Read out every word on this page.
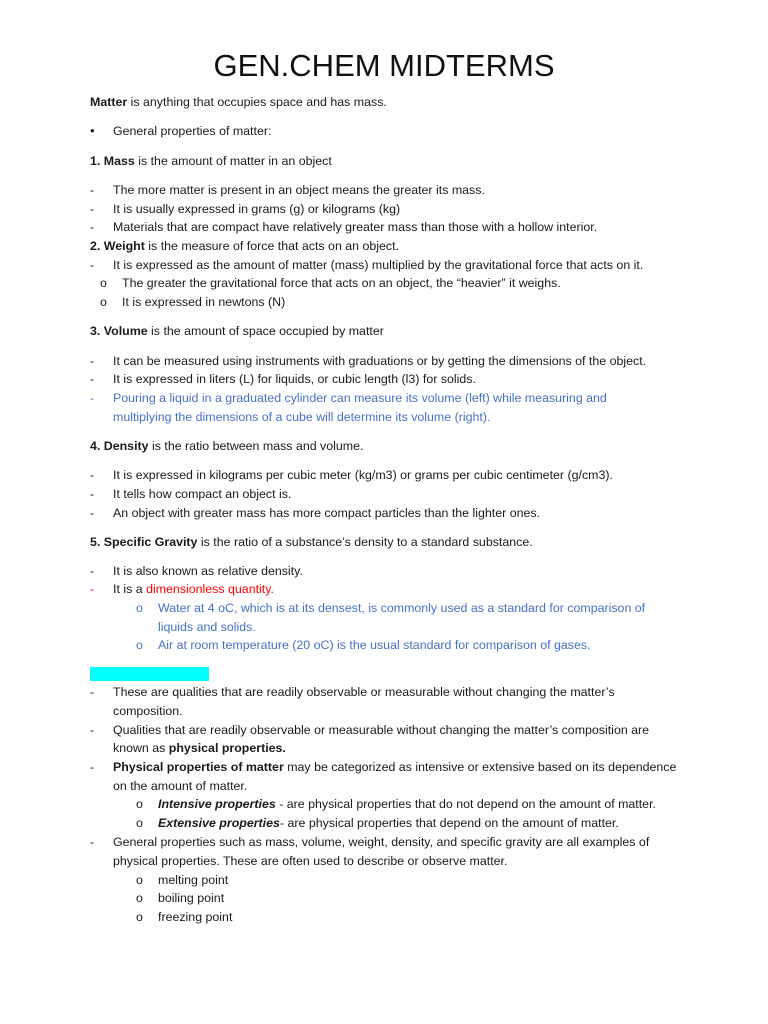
GEN.CHEM MIDTERMS
Matter is anything that occupies space and has mass.
• General properties of matter:
1. Mass is the amount of matter in an object
- The more matter is present in an object means the greater its mass.
- It is usually expressed in grams (g) or kilograms (kg)
- Materials that are compact have relatively greater mass than those with a hollow interior.
2. Weight is the measure of force that acts on an object.
- It is expressed as the amount of matter (mass) multiplied by the gravitational force that acts on it.
o The greater the gravitational force that acts on an object, the “heavier” it weighs.
o It is expressed in newtons (N)
3. Volume is the amount of space occupied by matter
- It can be measured using instruments with graduations or by getting the dimensions of the object.
- It is expressed in liters (L) for liquids, or cubic length (l3) for solids.
- Pouring a liquid in a graduated cylinder can measure its volume (left) while measuring and
multiplying the dimensions of a cube will determine its volume (right).
4. Density is the ratio between mass and volume.
- It is expressed in kilograms per cubic meter (kg/m3) or grams per cubic centimeter (g/cm3).
- It tells how compact an object is.
- An object with greater mass has more compact particles than the lighter ones.
5. Specific Gravity is the ratio of a substance’s density to a standard substance.
- It is also known as relative density.
- It is a dimensionless quantity.
o Water at 4 oC, which is at its densest, is commonly used as a standard for comparison of
liquids and solids.
o Air at room temperature (20 oC) is the usual standard for comparison of gases.
- These are qualities that are readily observable or measurable without changing the matter’s
composition.
- Qualities that are readily observable or measurable without changing the matter’s composition are
known as physical properties.
- Physical properties of matter may be categorized as intensive or extensive based on its dependence
on the amount of matter.
o Intensive properties - are physical properties that do not depend on the amount of matter.
o Extensive properties- are physical properties that depend on the amount of matter.
- General properties such as mass, volume, weight, density, and specific gravity are all examples of
physical properties. These are often used to describe or observe matter.
o melting point
o boiling point
o freezing point
